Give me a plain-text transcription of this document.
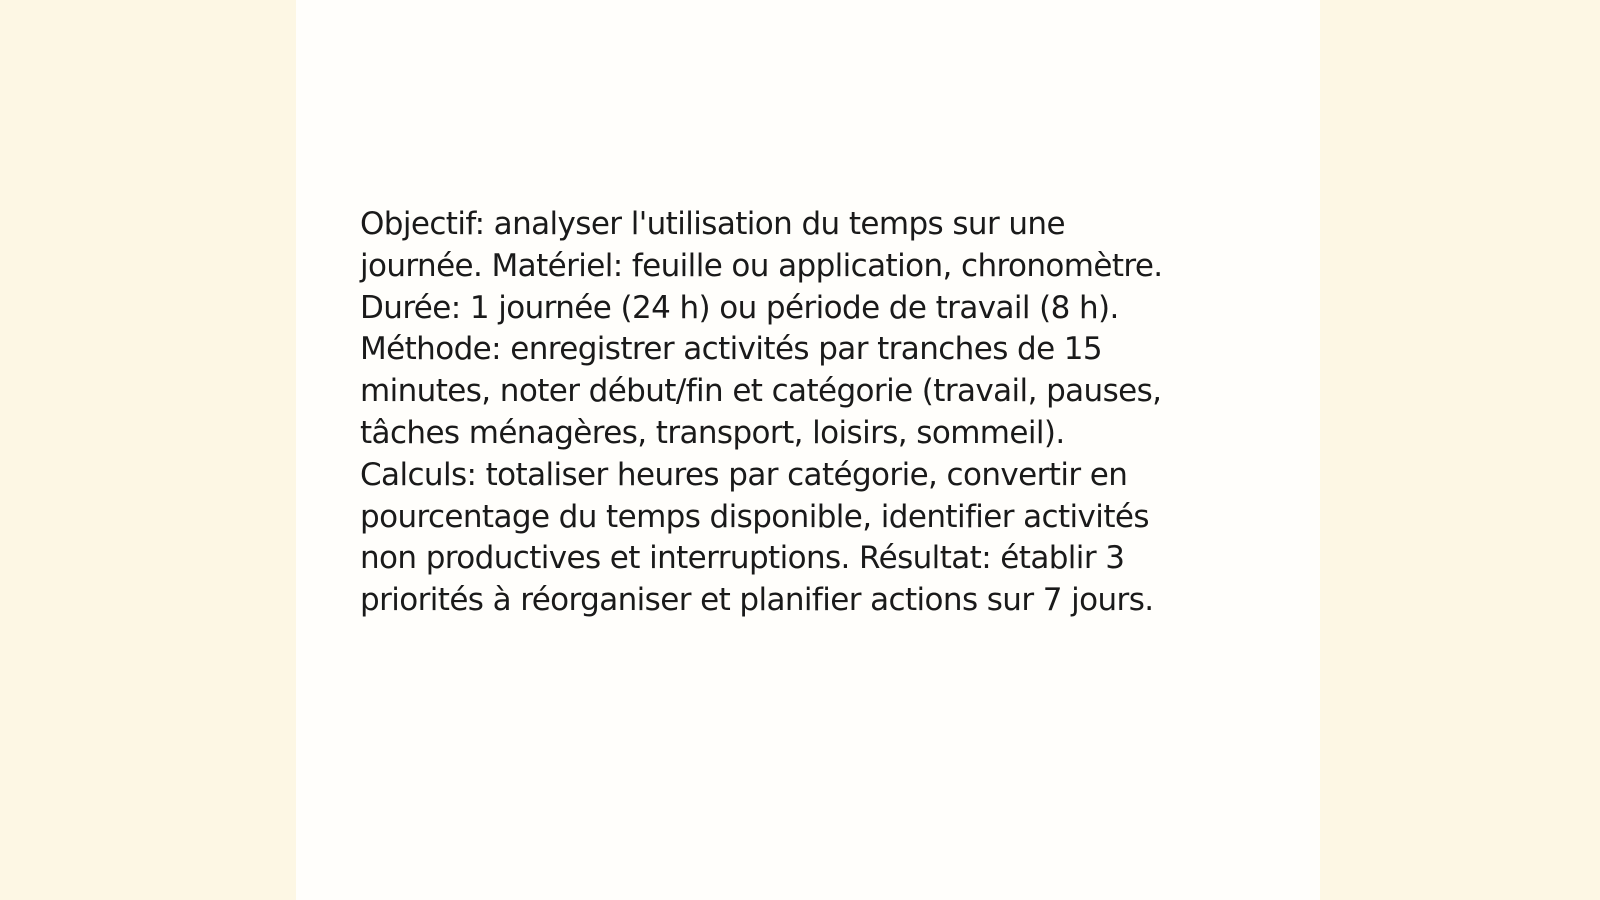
Objectif: analyser l'utilisation du temps sur une
journée. Matériel: feuille ou application, chronomètre.
Durée: 1 journée (24 h) ou période de travail (8 h).
Méthode: enregistrer activités par tranches de 15
minutes, noter début/fin et catégorie (travail, pauses,
tâches ménagères, transport, loisirs, sommeil).
Calculs: totaliser heures par catégorie, convertir en
pourcentage du temps disponible, identifier activités
non productives et interruptions. Résultat: établir 3
priorités à réorganiser et planifier actions sur 7 jours.
